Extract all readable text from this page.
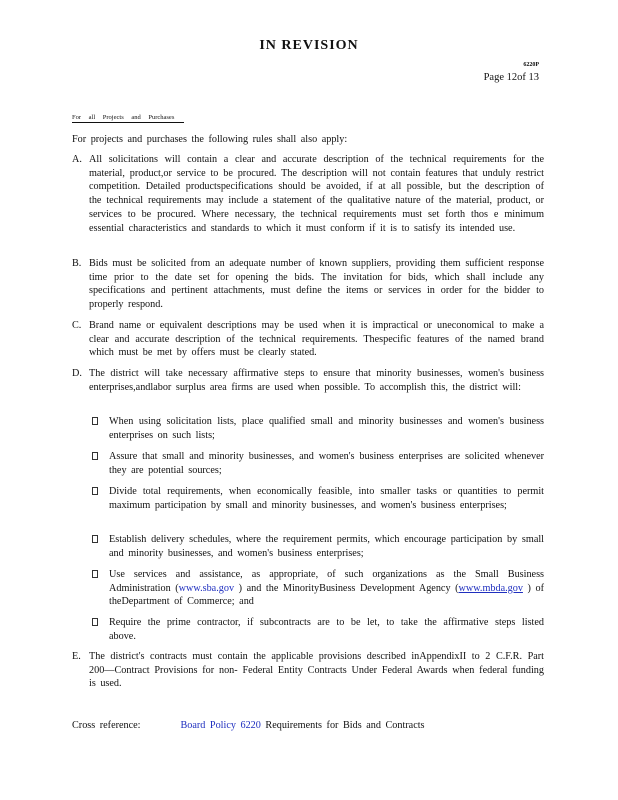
IN REVISION
6220P
Page 12of 13
For all Projects and Purchases
For projects and purchases the following rules shall also apply:
A. All solicitations will contain a clear and accurate description of the technical requirements for the material, product,or service to be procured. The description will not contain features that unduly restrict competition. Detailed productspecifications should be avoided, if at all possible, but the description of the technical requirements may include a statement of the qualitative nature of the material, product, or services to be procured. Where necessary, the technical requirements must set forth thos e minimum essential characteristics and standards to which it must conform if it is to satisfy its intended use.
B. Bids must be solicited from an adequate number of known suppliers, providing them sufficient response time prior to the date set for opening the bids. The invitation for bids, which shall include any specifications and pertinent attachments, must define the items or services in order for the bidder to properly respond.
C. Brand name or equivalent descriptions may be used when it is impractical or uneconomical to make a clear and accurate description of the technical requirements. Thespecific features of the named brand which must be met by offers must be clearly stated.
D. The district will take necessary affirmative steps to ensure that minority businesses, women's business enterprises,andlabor surplus area firms are used when possible. To accomplish this, the district will:
When using solicitation lists, place qualified small and minority businesses and women's business enterprises on such lists;
Assure that small and minority businesses, and women's business enterprises are solicited whenever they are potential sources;
Divide total requirements, when economically feasible, into smaller tasks or quantities to permit maximum participation by small and minority businesses, and women's business enterprises;
Establish delivery schedules, where the requirement permits, which encourage participation by small and minority businesses, and women's business enterprises;
Use services and assistance, as appropriate, of such organizations as the Small Business Administration (www.sba.gov ) and the MinorityBusiness Development Agency (www.mbda.gov ) of theDepartment of Commerce; and
Require the prime contractor, if subcontracts are to be let, to take the affirmative steps listed above.
E. The district's contracts must contain the applicable provisions described inAppendixII to 2 C.F.R. Part 200—Contract Provisions for non- Federal Entity Contracts Under Federal Awards when federal funding is used.
Cross reference:	Board Policy 6220 Requirements for Bids and Contracts
